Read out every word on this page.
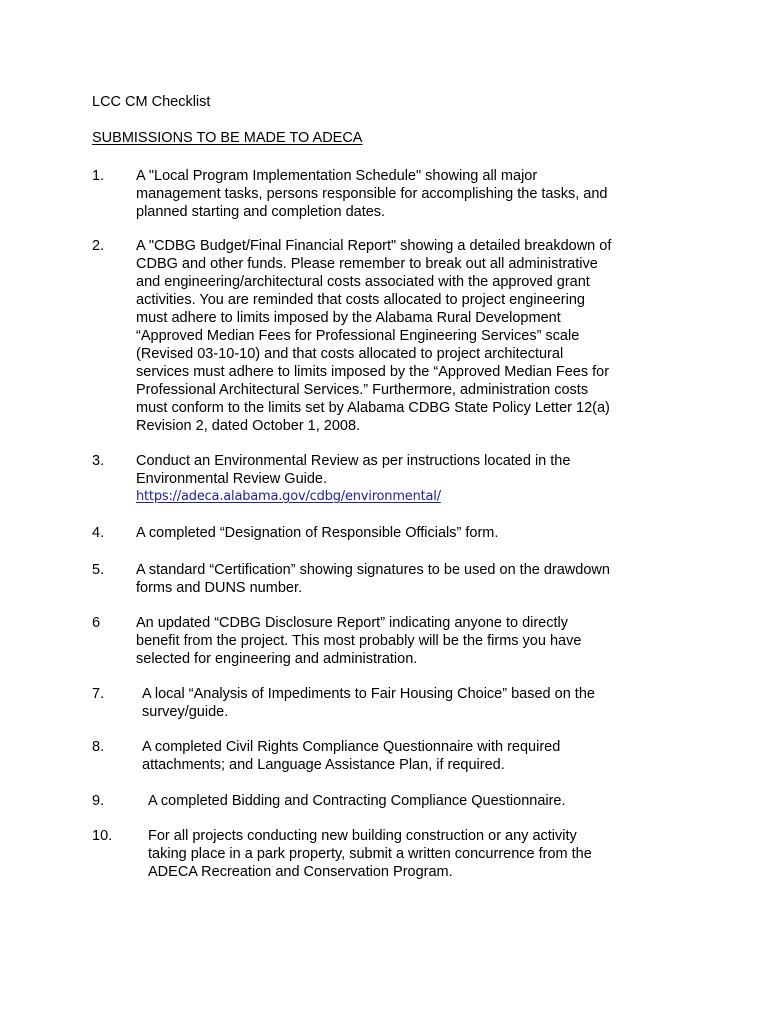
LCC CM Checklist
SUBMISSIONS TO BE MADE TO ADECA
1. A "Local Program Implementation Schedule" showing all major
management tasks, persons responsible for accomplishing the tasks, and
planned starting and completion dates.
2. A "CDBG Budget/Final Financial Report" showing a detailed breakdown of
CDBG and other funds. Please remember to break out all administrative
and engineering/architectural costs associated with the approved grant
activities. You are reminded that costs allocated to project engineering
must adhere to limits imposed by the Alabama Rural Development
“Approved Median Fees for Professional Engineering Services” scale
(Revised 03-10-10) and that costs allocated to project architectural
services must adhere to limits imposed by the “Approved Median Fees for
Professional Architectural Services.” Furthermore, administration costs
must conform to the limits set by Alabama CDBG State Policy Letter 12(a)
Revision 2, dated October 1, 2008.
3. Conduct an Environmental Review as per instructions located in the
Environmental Review Guide.
https://adeca.alabama.gov/cdbg/environmental/
4. A completed “Designation of Responsible Officials” form.
5. A standard “Certification” showing signatures to be used on the drawdown
forms and DUNS number.
6 An updated “CDBG Disclosure Report” indicating anyone to directly
benefit from the project. This most probably will be the firms you have
selected for engineering and administration.
7.	A local “Analysis of Impediments to Fair Housing Choice” based on the
survey/guide.
8.	A completed Civil Rights Compliance Questionnaire with required
attachments; and Language Assistance Plan, if required.
9.	A completed Bidding and Contracting Compliance Questionnaire.
10. For all projects conducting new building construction or any activity
taking place in a park property, submit a written concurrence from the
ADECA Recreation and Conservation Program.
